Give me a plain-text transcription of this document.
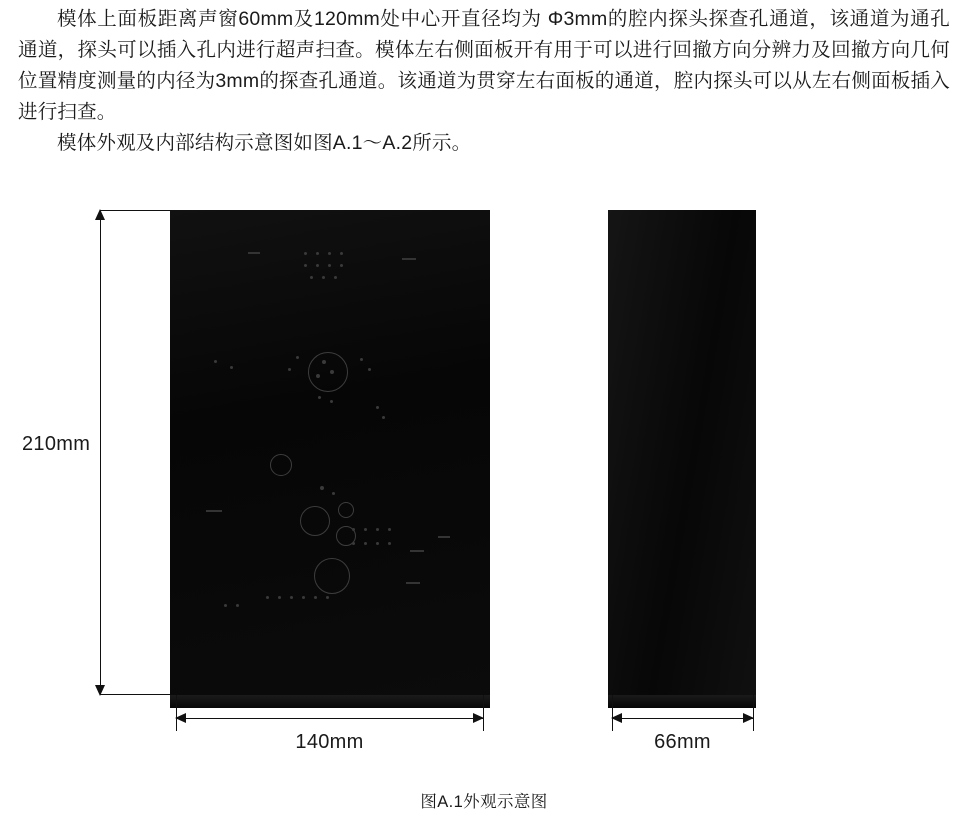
模体上面板距离声窗60mm及120mm处中心开直径均为 Φ3mm的腔内探头探查孔通道，该通道为通孔通道，探头可以插入孔内进行超声扫查。模体左右侧面板开有用于可以进行回撤方向分辨力及回撤方向几何位置精度测量的内径为3mm的探查孔通道。该通道为贯穿左右面板的通道，腔内探头可以从左右侧面板插入进行扫查。

模体外观及内部结构示意图如图A.1～A.2所示。

210mm
140mm	66mm
图A.1外观示意图
